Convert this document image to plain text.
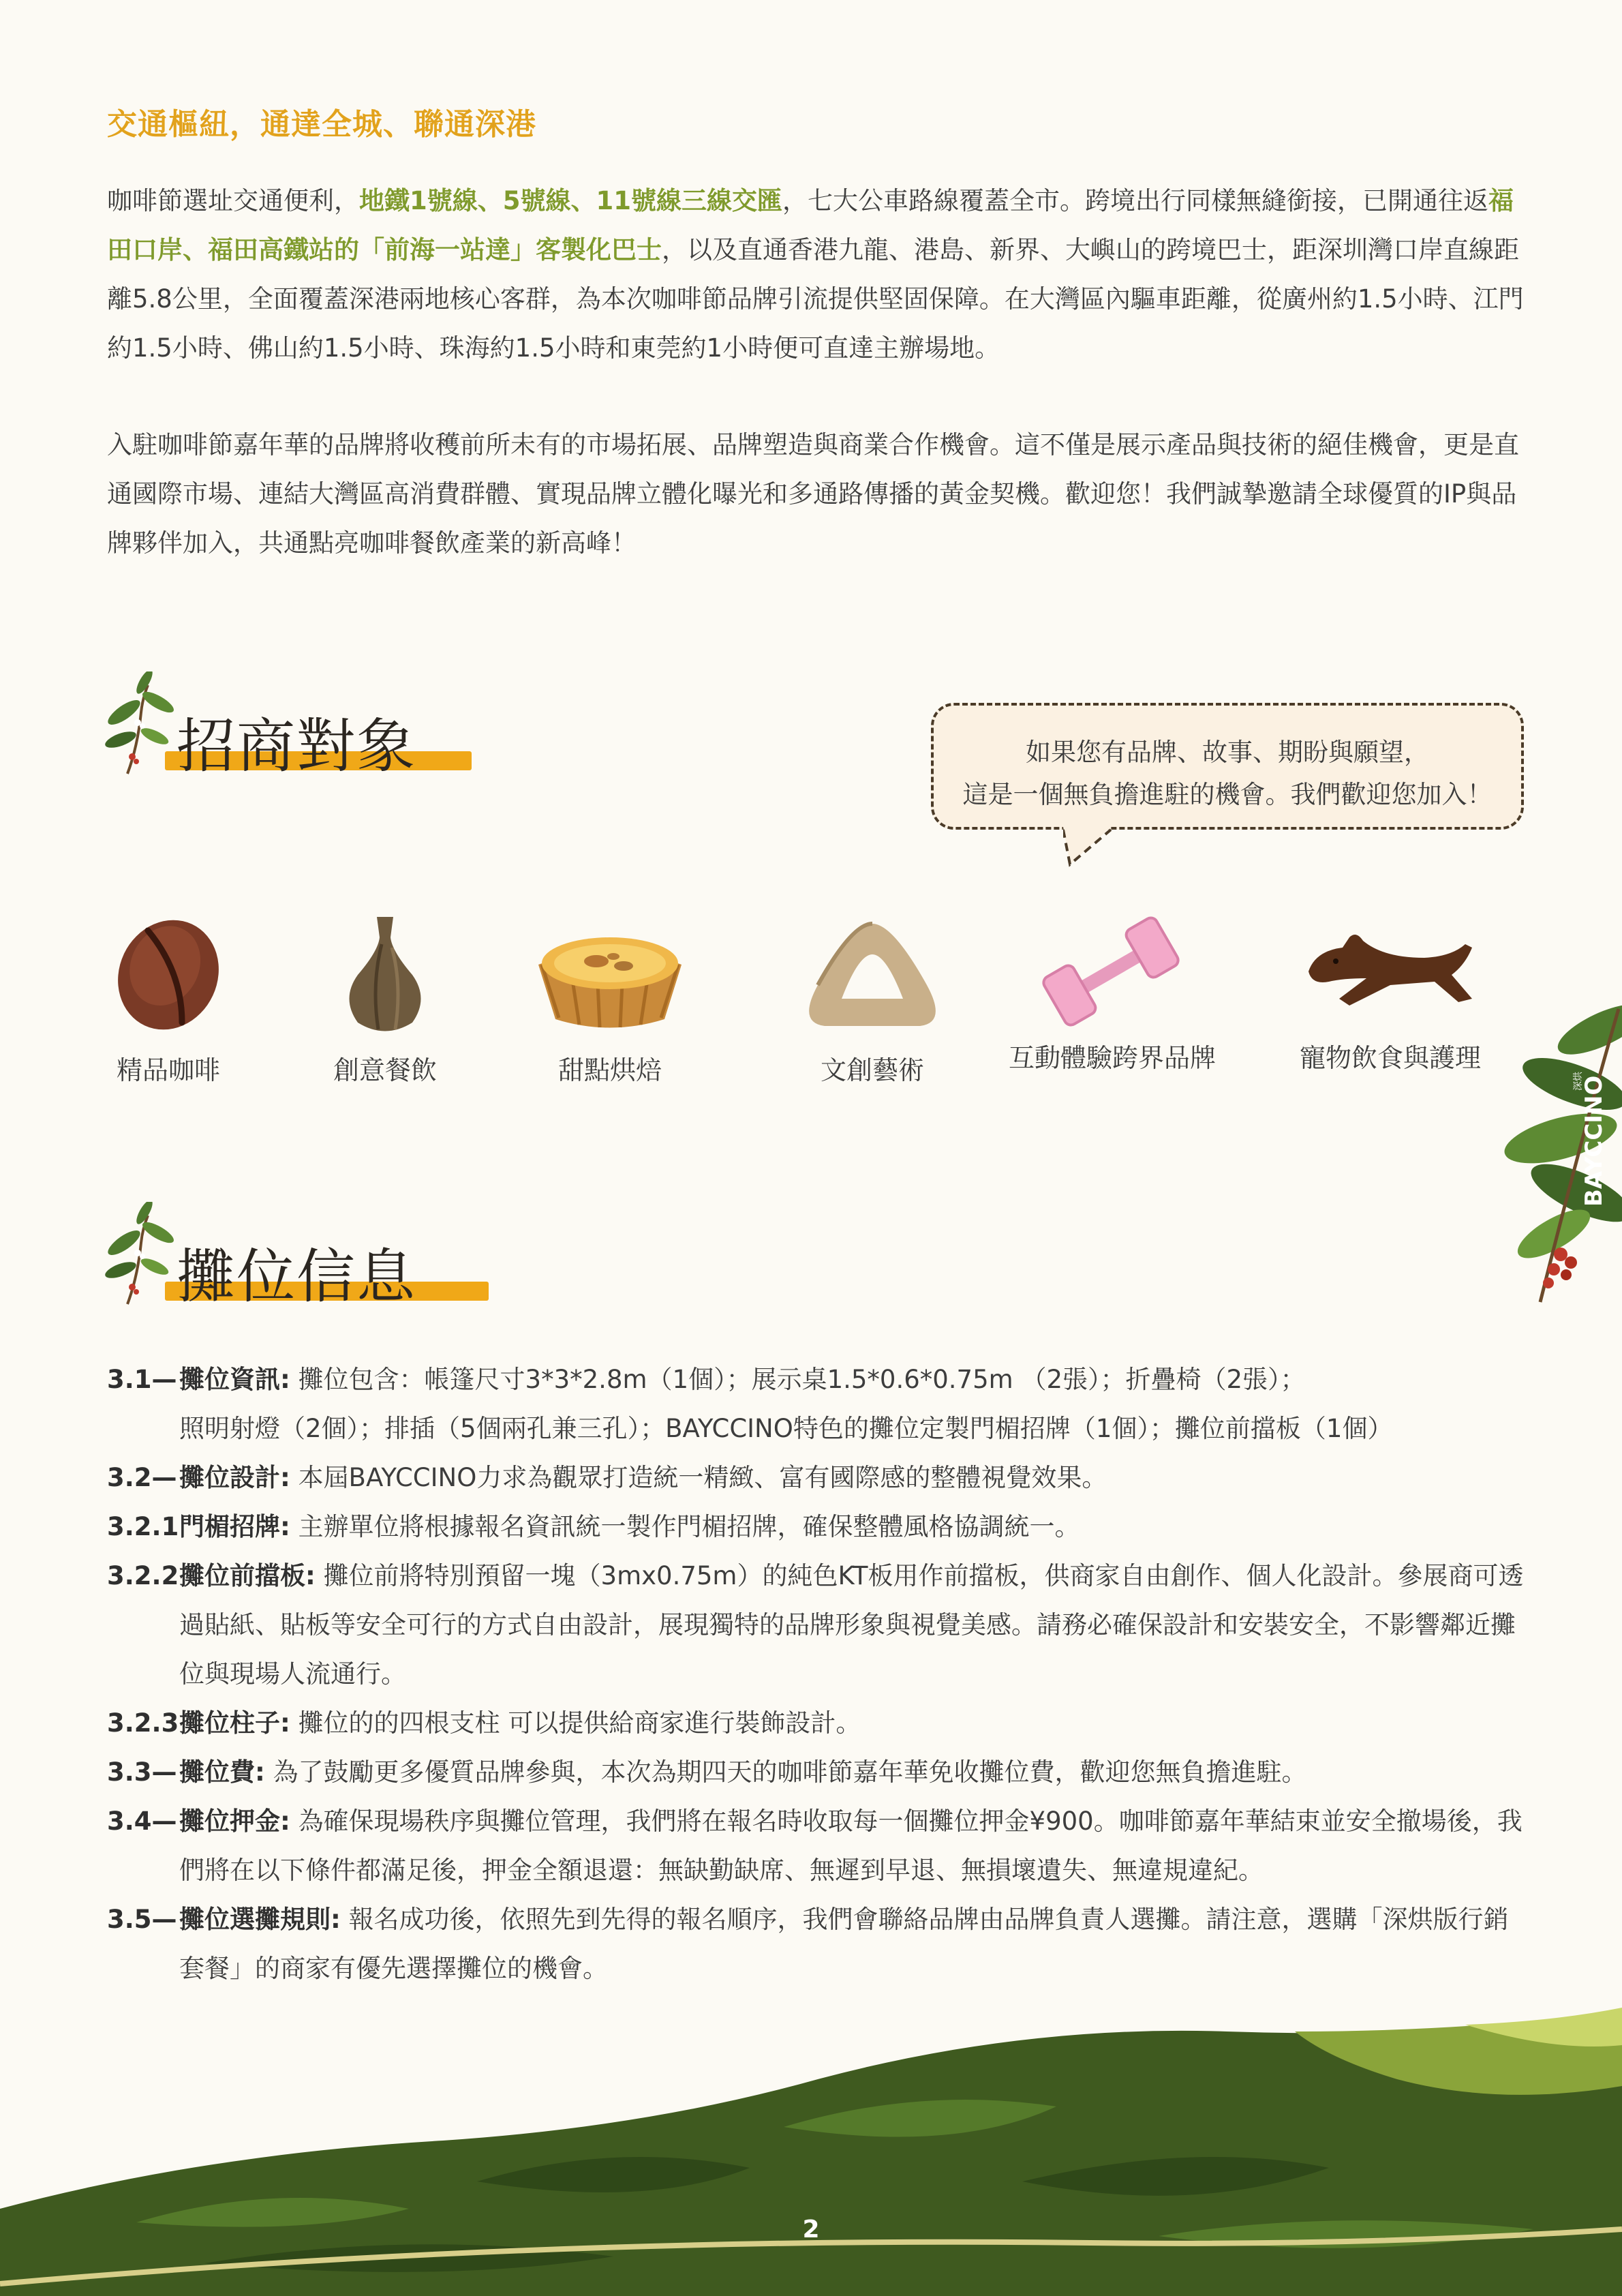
交通樞紐，通達全城、聯通深港
咖啡節選址交通便利，地鐵1號線、5號線、11號線三線交匯，七大公車路線覆蓋全市。跨境出行同樣無縫銜接，已開通往返福田口岸、福田高鐵站的「前海一站達」客製化巴士，以及直通香港九龍、港島、新界、大嶼山的跨境巴士，距深圳灣口岸直線距離5.8公里，全面覆蓋深港兩地核心客群，為本次咖啡節品牌引流提供堅固保障。在大灣區內驅車距離，從廣州約1.5小時、江門約1.5小時、佛山約1.5小時、珠海約1.5小時和東莞約1小時便可直達主辦場地。
入駐咖啡節嘉年華的品牌將收穫前所未有的市場拓展、品牌塑造與商業合作機會。這不僅是展示產品與技術的絕佳機會，更是直通國際市場、連結大灣區高消費群體、實現品牌立體化曝光和多通路傳播的黃金契機。歡迎您！我們誠摯邀請全球優質的IP與品牌夥伴加入，共通點亮咖啡餐飲產業的新高峰！
招商對象	如果您有品牌、故事、期盼與願望，
這是一個無負擔進駐的機會。我們歡迎您加入！
精品咖啡	創意餐飲	甜點烘焙	文創藝術	互動體驗跨界品牌	寵物飲食與護理
BAYCCINO
深烘
攤位信息
3.1— 攤位資訊: 攤位包含：帳篷尺寸3*3*2.8m（1個）；展示桌1.5*0.6*0.75m （2張）；折疊椅（2張）；
照明射燈（2個）；排插（5個兩孔兼三孔）；BAYCCINO特色的攤位定製門楣招牌（1個）；攤位前擋板（1個）
3.2— 攤位設計: 本屆BAYCCINO力求為觀眾打造統一精緻、富有國際感的整體視覺效果。
3.2.1 門楣招牌: 主辦單位將根據報名資訊統一製作門楣招牌，確保整體風格協調統一。
3.2.2 攤位前擋板: 攤位前將特別預留一塊（3mx0.75m）的純色KT板用作前擋板，供商家自由創作、個人化設計。參展商可透過貼紙、貼板等安全可行的方式自由設計，展現獨特的品牌形象與視覺美感。請務必確保設計和安裝安全，不影響鄰近攤位與現場人流通行。
3.2.3 攤位柱子: 攤位的的四根支柱 可以提供給商家進行裝飾設計。
3.3— 攤位費: 為了鼓勵更多優質品牌參與，本次為期四天的咖啡節嘉年華免收攤位費，歡迎您無負擔進駐。
3.4— 攤位押金: 為確保現場秩序與攤位管理，我們將在報名時收取每一個攤位押金¥900。咖啡節嘉年華結束並安全撤場後，我們將在以下條件都滿足後，押金全額退還：無缺勤缺席、無遲到早退、無損壞遺失、無違規違紀。
3.5— 攤位選攤規則: 報名成功後，依照先到先得的報名順序，我們會聯絡品牌由品牌負責人選攤。請注意，選購「深烘版行銷套餐」的商家有優先選擇攤位的機會。
2
